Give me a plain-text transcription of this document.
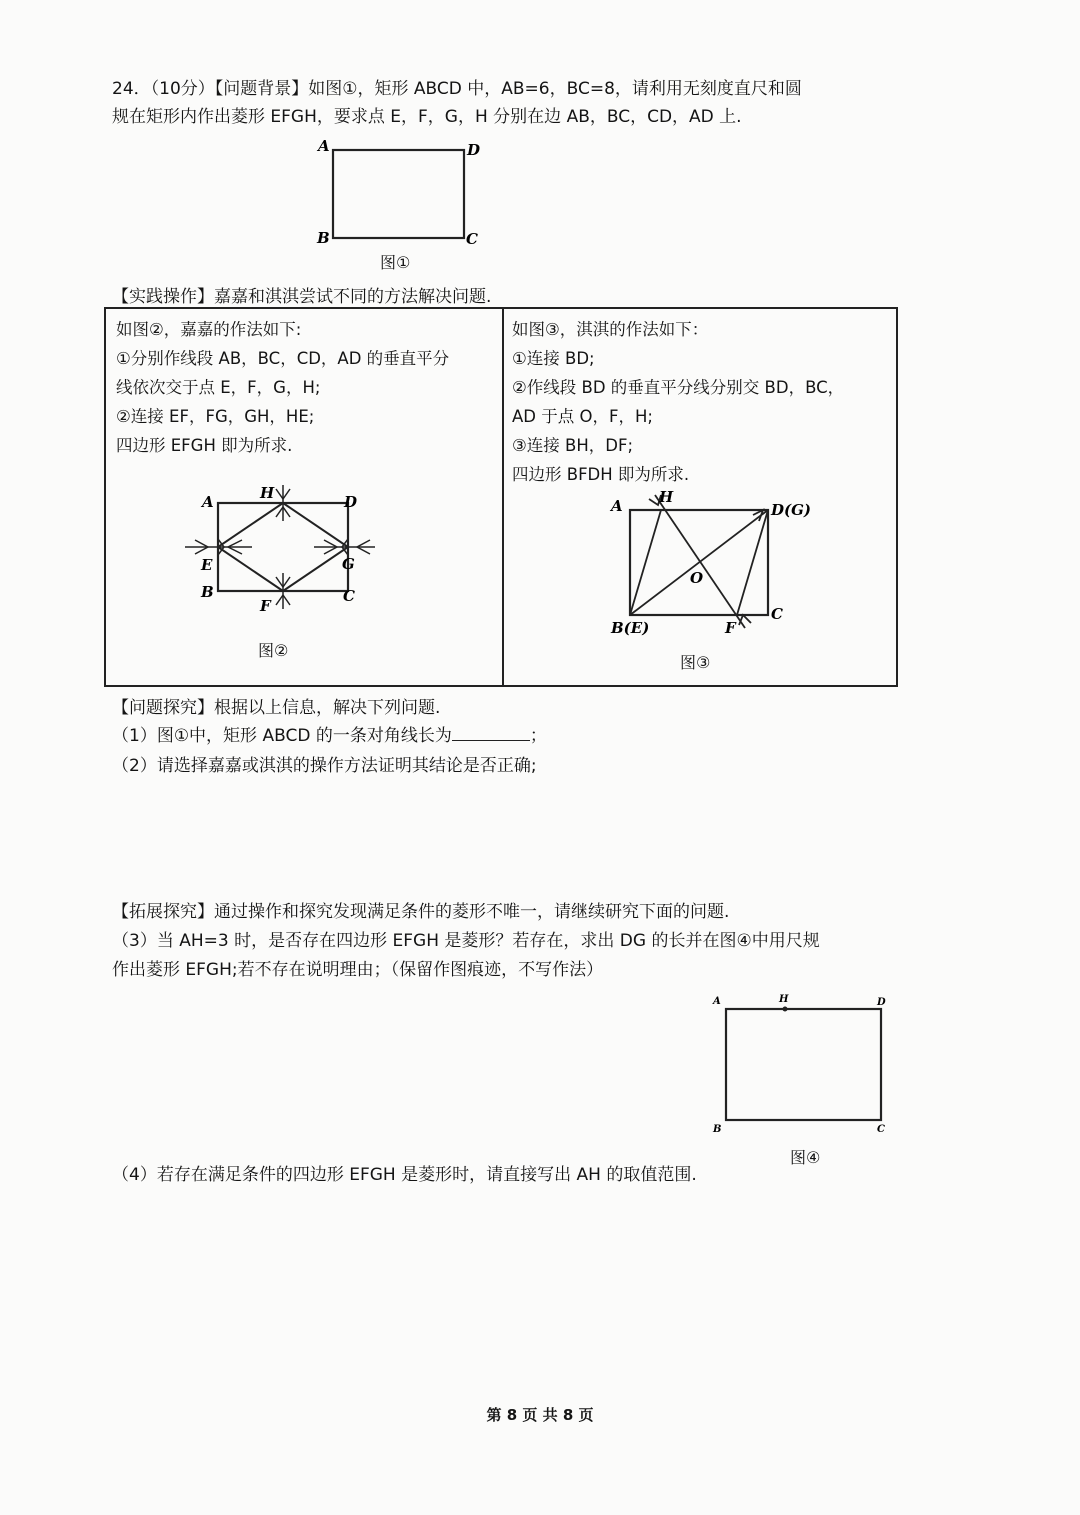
24．（10分）【问题背景】如图①，矩形 ABCD 中，AB=6，BC=8，请利用无刻度直尺和圆
规在矩形内作出菱形 EFGH，要求点 E，F，G，H 分别在边 AB，BC，CD，AD 上.
A	D
B	C
图①
【实践操作】嘉嘉和淇淇尝试不同的方法解决问题.
如图②，嘉嘉的作法如下:
①分别作线段 AB，BC，CD，AD 的垂直平分
线依次交于点 E，F，G，H;
②连接 EF，FG，GH，HE;
四边形 EFGH 即为所求.
如图③，淇淇的作法如下：
①连接 BD;
②作线段 BD 的垂直平分线分别交 BD，BC，
AD 于点 O，F，H;
③连接 BH，DF;
四边形 BFDH 即为所求.
A	H	D
E	G
B	C
F
图②
A H
D(G)
O
B(E)	F
C
图③
【问题探究】根据以上信息，解决下列问题.
（1）图①中，矩形 ABCD 的一条对角线长为	；
（2）请选择嘉嘉或淇淇的操作方法证明其结论是否正确;
【拓展探究】通过操作和探究发现满足条件的菱形不唯一，请继续研究下面的问题.
（3）当 AH=3 时，是否存在四边形 EFGH 是菱形？若存在，求出 DG 的长并在图④中用尺规
作出菱形 EFGH;若不存在说明理由；（保留作图痕迹，不写作法）
A	H	D
B	C
图④
（4）若存在满足条件的四边形 EFGH 是菱形时，请直接写出 AH 的取值范围.
第 8 页 共 8 页
